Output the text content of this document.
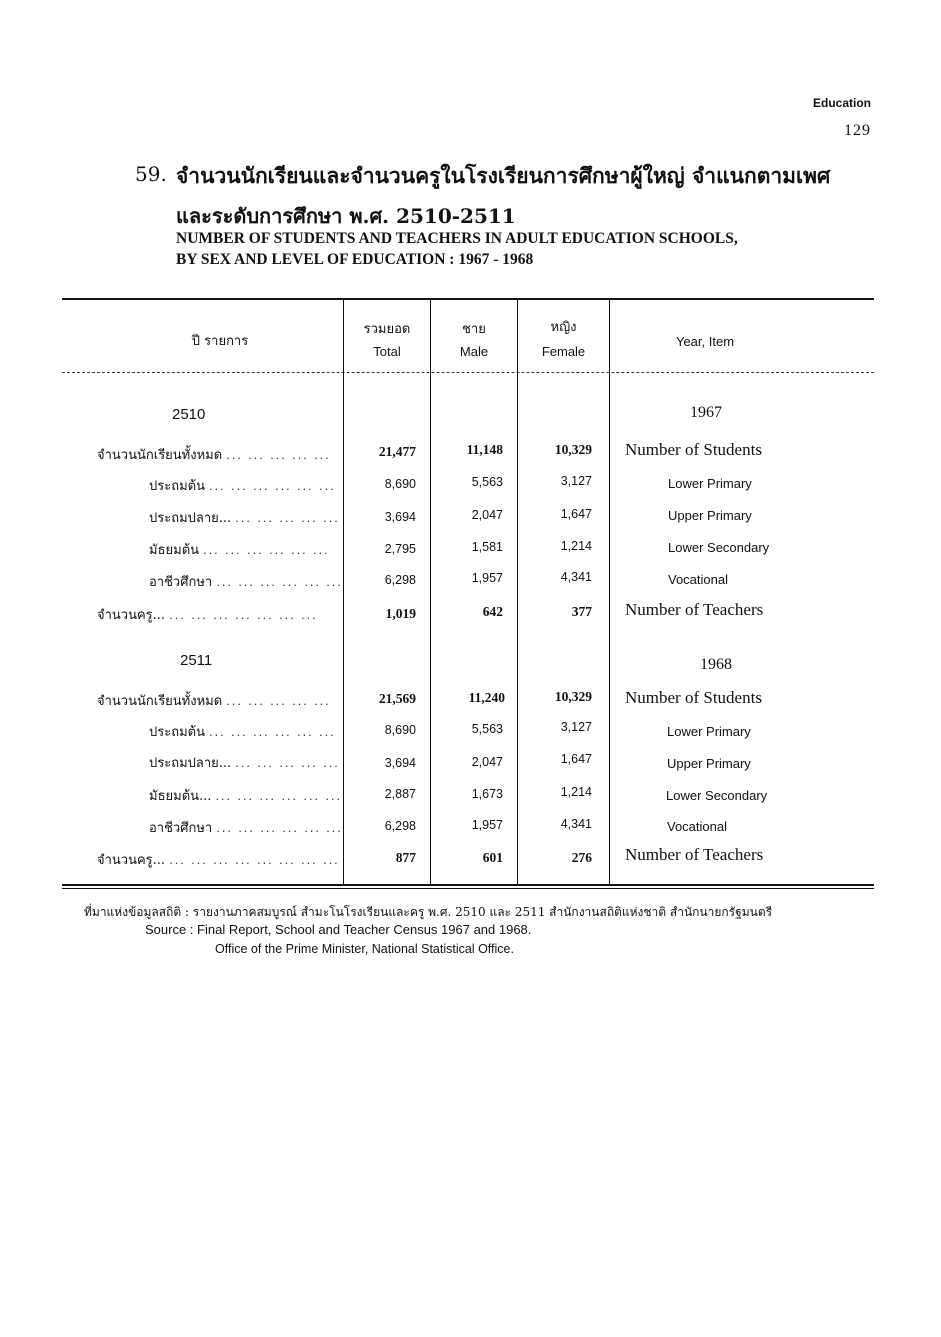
Education
129
59. จำนวนนักเรียนและจำนวนครูในโรงเรียนการศึกษาผู้ใหญ่ จำแนกตามเพศ
และระดับการศึกษา พ.ศ. 2510-2511
NUMBER OF STUDENTS AND TEACHERS IN ADULT EDUCATION SCHOOLS,
BY SEX AND LEVEL OF EDUCATION : 1967 - 1968
ปี รายการ
รวมยอด
Total
ชาย
Male
หญิง
Female
Year, Item
2510	1967
จำนวนนักเรียนทั้งหมด ... ... ... ... ...	21,477	11,148	10,329 Number of Students
ประถมต้น ... ... ... ... ... ...	8,690	5,563	3,127	Lower Primary
ประถมปลาย... ... ... ... ... ...	3,694	2,047	1,647	Upper Primary
มัธยมต้น ... ... ... ... ... ...	2,795	1,581	1,214	Lower Secondary
อาชีวศึกษา ... ... ... ... ... ...	6,298	1,957	4,341	Vocational
จำนวนครู... ... ... ... ... ... ... ...	1,019	642	377 Number of Teachers
2511	1968
จำนวนนักเรียนทั้งหมด ... ... ... ... ...	21,569	11,240	10,329 Number of Students
ประถมต้น ... ... ... ... ... ...	8,690	5,563	3,127	Lower Primary
ประถมปลาย... ... ... ... ... ...	3,694	2,047	1,647	Upper Primary
มัธยมต้น... ... ... ... ... ... ...	2,887	1,673	1,214	Lower Secondary
อาชีวศึกษา ... ... ... ... ... ...	6,298	1,957	4,341	Vocational
จำนวนครู... ... ... ... ... ... ... ... ...	877	601	276 Number of Teachers
ที่มาแห่งข้อมูลสถิติ : รายงานภาคสมบูรณ์ สำมะโนโรงเรียนและครู พ.ศ. 2510 และ 2511 สำนักงานสถิติแห่งชาติ สำนักนายกรัฐมนตรี
Source : Final Report, School and Teacher Census 1967 and 1968.
Office of the Prime Minister, National Statistical Office.
